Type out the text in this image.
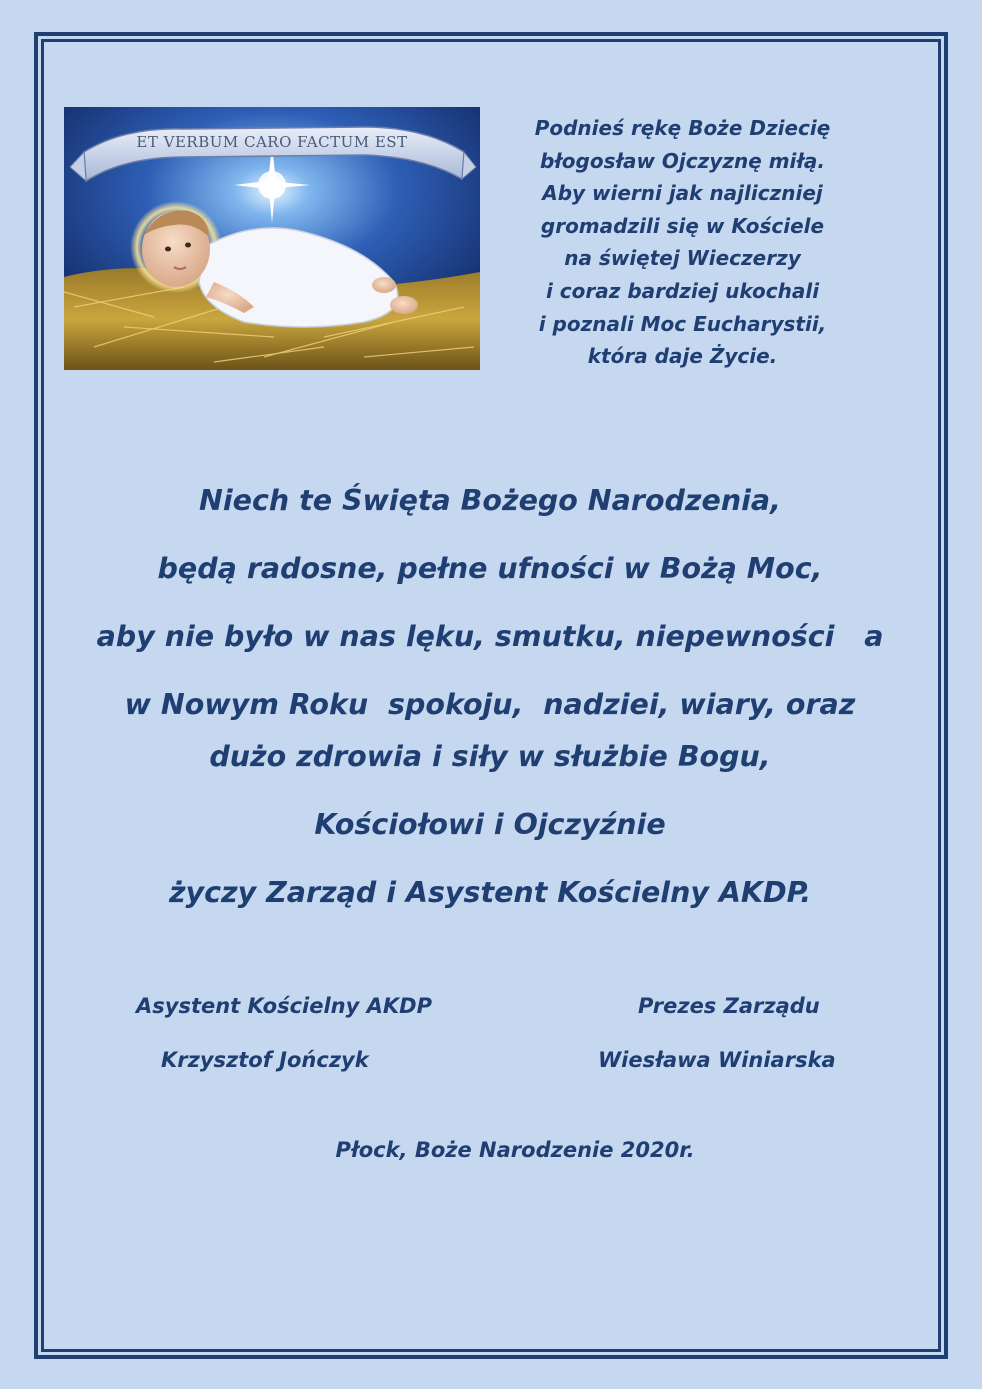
ET VERBUM CARO FACTUM EST
Podnieś rękę Boże Dziecię
błogosław Ojczyznę miłą.
Aby wierni jak najliczniej
gromadzili się w Kościele
na świętej Wieczerzy
i coraz bardziej ukochali
i poznali Moc Eucharystii,
która daje Życie.
Niech te Święta Bożego Narodzenia,
będą radosne, pełne ufności w Bożą Moc,
aby nie było w nas lęku, smutku, niepewności   a
w Nowym Roku  spokoju,  nadziei, wiary, oraz
dużo zdrowia i siły w służbie Bogu,
Kościołowi i Ojczyźnie
życzy Zarząd i Asystent Kościelny AKDP.
Asystent Kościelny AKDP
Krzysztof Jończyk
Prezes Zarządu
Wiesława Winiarska
Płock, Boże Narodzenie 2020r.
